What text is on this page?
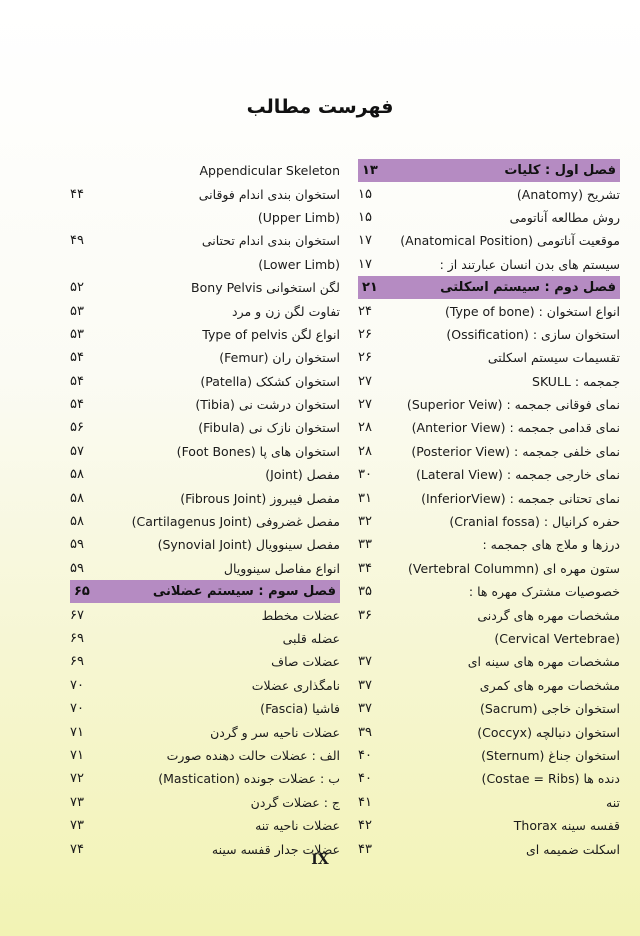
فهرست مطالب
فصل اول : کلیات
۱۳
تشریح (Anatomy)
۱۵
روش مطالعه آناتومی
۱۵
موقعیت آناتومی (Anatomical Position)
۱۷
سیستم های بدن انسان عبارتند از :
۱۷
فصل دوم : سیستم اسکلتی
۲۱
انواع استخوان : (Type of bone)
۲۴
استخوان سازی : (Ossification)
۲۶
تقسیمات سیستم اسکلتی
۲۶
جمجمه : SKULL
۲۷
نمای فوقانی جمجمه : (Superior Veiw)
۲۷
نمای قدامی جمجمه : (Anterior View)
۲۸
نمای خلفی جمجمه : (Posterior View)
۲۸
نمای خارجی جمجمه : (Lateral View)
۳۰
نمای تحتانی جمجمه : (InferiorView)
۳۱
حفره کرانیال : (Cranial fossa)
۳۲
درزها و ملاج های جمجمه :
۳۳
ستون مهره ای (Vertebral Colummn)
۳۴
خصوصیات مشترک مهره ها :
۳۵
مشخصات مهره های گردنی
۳۶
(Cervical Vertebrae)
مشخصات مهره های سینه ای
۳۷
مشخصات مهره های کمری
۳۷
استخوان خاجی (Sacrum)
۳۷
استخوان دنبالچه (Coccyx)
۳۹
استخوان جناغ (Sternum)
۴۰
دنده ها (Costae = Ribs)
۴۰
تنه
۴۱
قفسه سینه Thorax
۴۲
اسکلت ضمیمه ای
۴۳
Appendicular Skeleton
استخوان بندی اندام فوقانی
۴۴
(Upper Limb)
استخوان بندی اندام تحتانی
۴۹
(Lower Limb)
لگن استخوانی Bony Pelvis
۵۲
تفاوت لگن زن و مرد
۵۳
انواع لگن Type of pelvis
۵۳
استخوان ران (Femur)
۵۴
استخوان کشکک (Patella)
۵۴
استخوان درشت نی (Tibia)
۵۴
استخوان نازک نی (Fibula)
۵۶
استخوان های پا (Foot Bones)
۵۷
مفصل (Joint)
۵۸
مفصل فیبروز (Fibrous Joint)
۵۸
مفصل غضروفی (Cartilagenus Joint)
۵۸
مفصل سینوویال (Synovial Joint)
۵۹
انواع مفاصل سینوویال
۵۹
فصل سوم : سیستم عضلانی
۶۵
عضلات مخطط
۶۷
عضله قلبی
۶۹
عضلات صاف
۶۹
نامگذاری عضلات
۷۰
فاشیا (Fascia)
۷۰
عضلات ناحیه سر و گردن
۷۱
الف : عضلات حالت دهنده صورت
۷۱
ب : عضلات جونده (Mastication)
۷۲
ج : عضلات گردن
۷۳
عضلات ناحیه تنه
۷۳
عضلات جدار قفسه سینه
۷۴
IX
